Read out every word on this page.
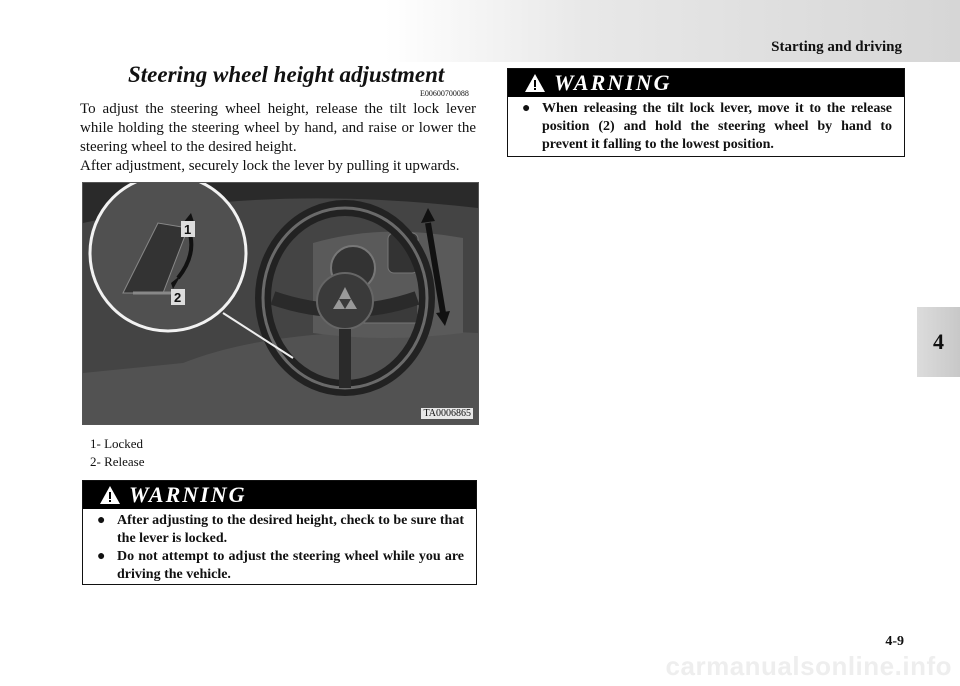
Starting and driving
4
Steering wheel height adjustment
E00600700088

To adjust the steering wheel height, release the tilt lock lever while holding the steering wheel by hand, and raise or lower the steering wheel to the desired height.

After adjustment, securely lock the lever by pulling it upwards.

1
2
TA0006865
1- Locked
2- Release
WARNING
● After adjusting to the desired height, check to be sure that the lever is locked.
● Do not attempt to adjust the steering wheel while you are driving the vehicle.
WARNING
● When releasing the tilt lock lever, move it to the release position (2) and hold the steering wheel by hand to prevent it falling to the lowest position.
4-9
carmanualsonline.info
